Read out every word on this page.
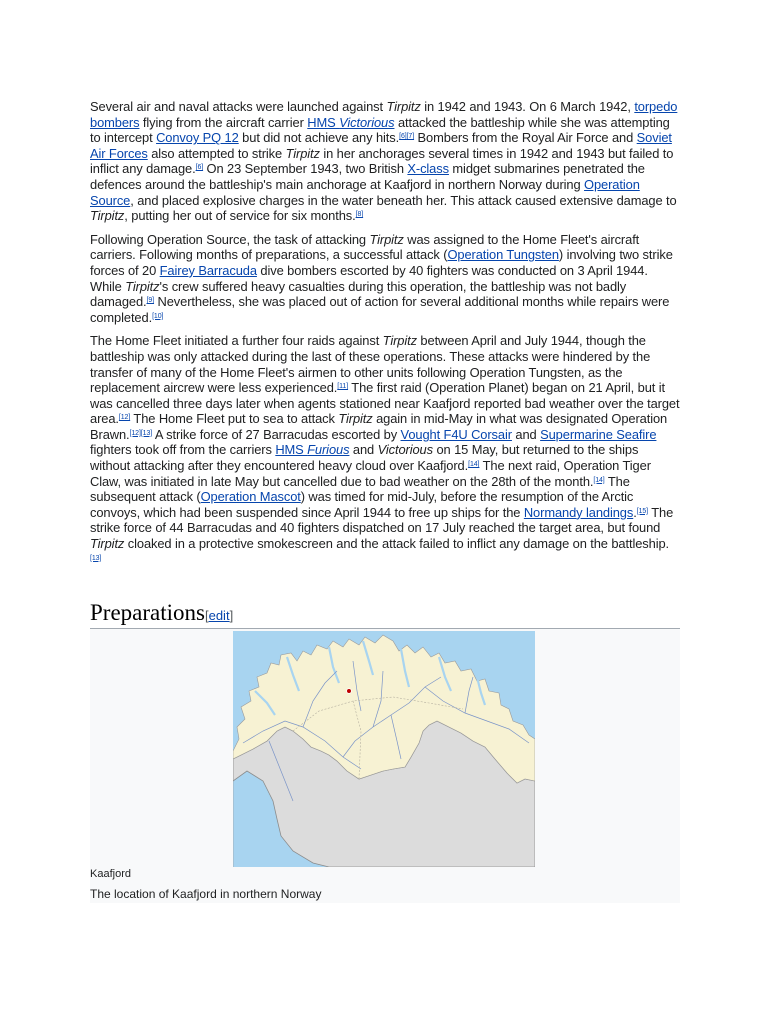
Several air and naval attacks were launched against Tirpitz in 1942 and 1943. On 6 March 1942, torpedo bombers flying from the aircraft carrier HMS Victorious attacked the battleship while she was attempting to intercept Convoy PQ 12 but did not achieve any hits.[6][7] Bombers from the Royal Air Force and Soviet Air Forces also attempted to strike Tirpitz in her anchorages several times in 1942 and 1943 but failed to inflict any damage.[6] On 23 September 1943, two British X-class midget submarines penetrated the defences around the battleship's main anchorage at Kaafjord in northern Norway during Operation Source, and placed explosive charges in the water beneath her. This attack caused extensive damage to Tirpitz, putting her out of service for six months.[8]

Following Operation Source, the task of attacking Tirpitz was assigned to the Home Fleet's aircraft carriers. Following months of preparations, a successful attack (Operation Tungsten) involving two strike forces of 20 Fairey Barracuda dive bombers escorted by 40 fighters was conducted on 3 April 1944. While Tirpitz's crew suffered heavy casualties during this operation, the battleship was not badly damaged.[9] Nevertheless, she was placed out of action for several additional months while repairs were completed.[10]

The Home Fleet initiated a further four raids against Tirpitz between April and July 1944, though the battleship was only attacked during the last of these operations. These attacks were hindered by the transfer of many of the Home Fleet's airmen to other units following Operation Tungsten, as the replacement aircrew were less experienced.[11] The first raid (Operation Planet) began on 21 April, but it was cancelled three days later when agents stationed near Kaafjord reported bad weather over the target area.[12] The Home Fleet put to sea to attack Tirpitz again in mid-May in what was designated Operation Brawn.[12][13] A strike force of 27 Barracudas escorted by Vought F4U Corsair and Supermarine Seafire fighters took off from the carriers HMS Furious and Victorious on 15 May, but returned to the ships without attacking after they encountered heavy cloud over Kaafjord.[14] The next raid, Operation Tiger Claw, was initiated in late May but cancelled due to bad weather on the 28th of the month.[14] The subsequent attack (Operation Mascot) was timed for mid-July, before the resumption of the Arctic convoys, which had been suspended since April 1944 to free up ships for the Normandy landings.[15] The strike force of 44 Barracudas and 40 fighters dispatched on 17 July reached the target area, but found Tirpitz cloaked in a protective smokescreen and the attack failed to inflict any damage on the battleship.[13]

Preparations[edit]
Kaafjord
The location of Kaafjord in northern Norway
